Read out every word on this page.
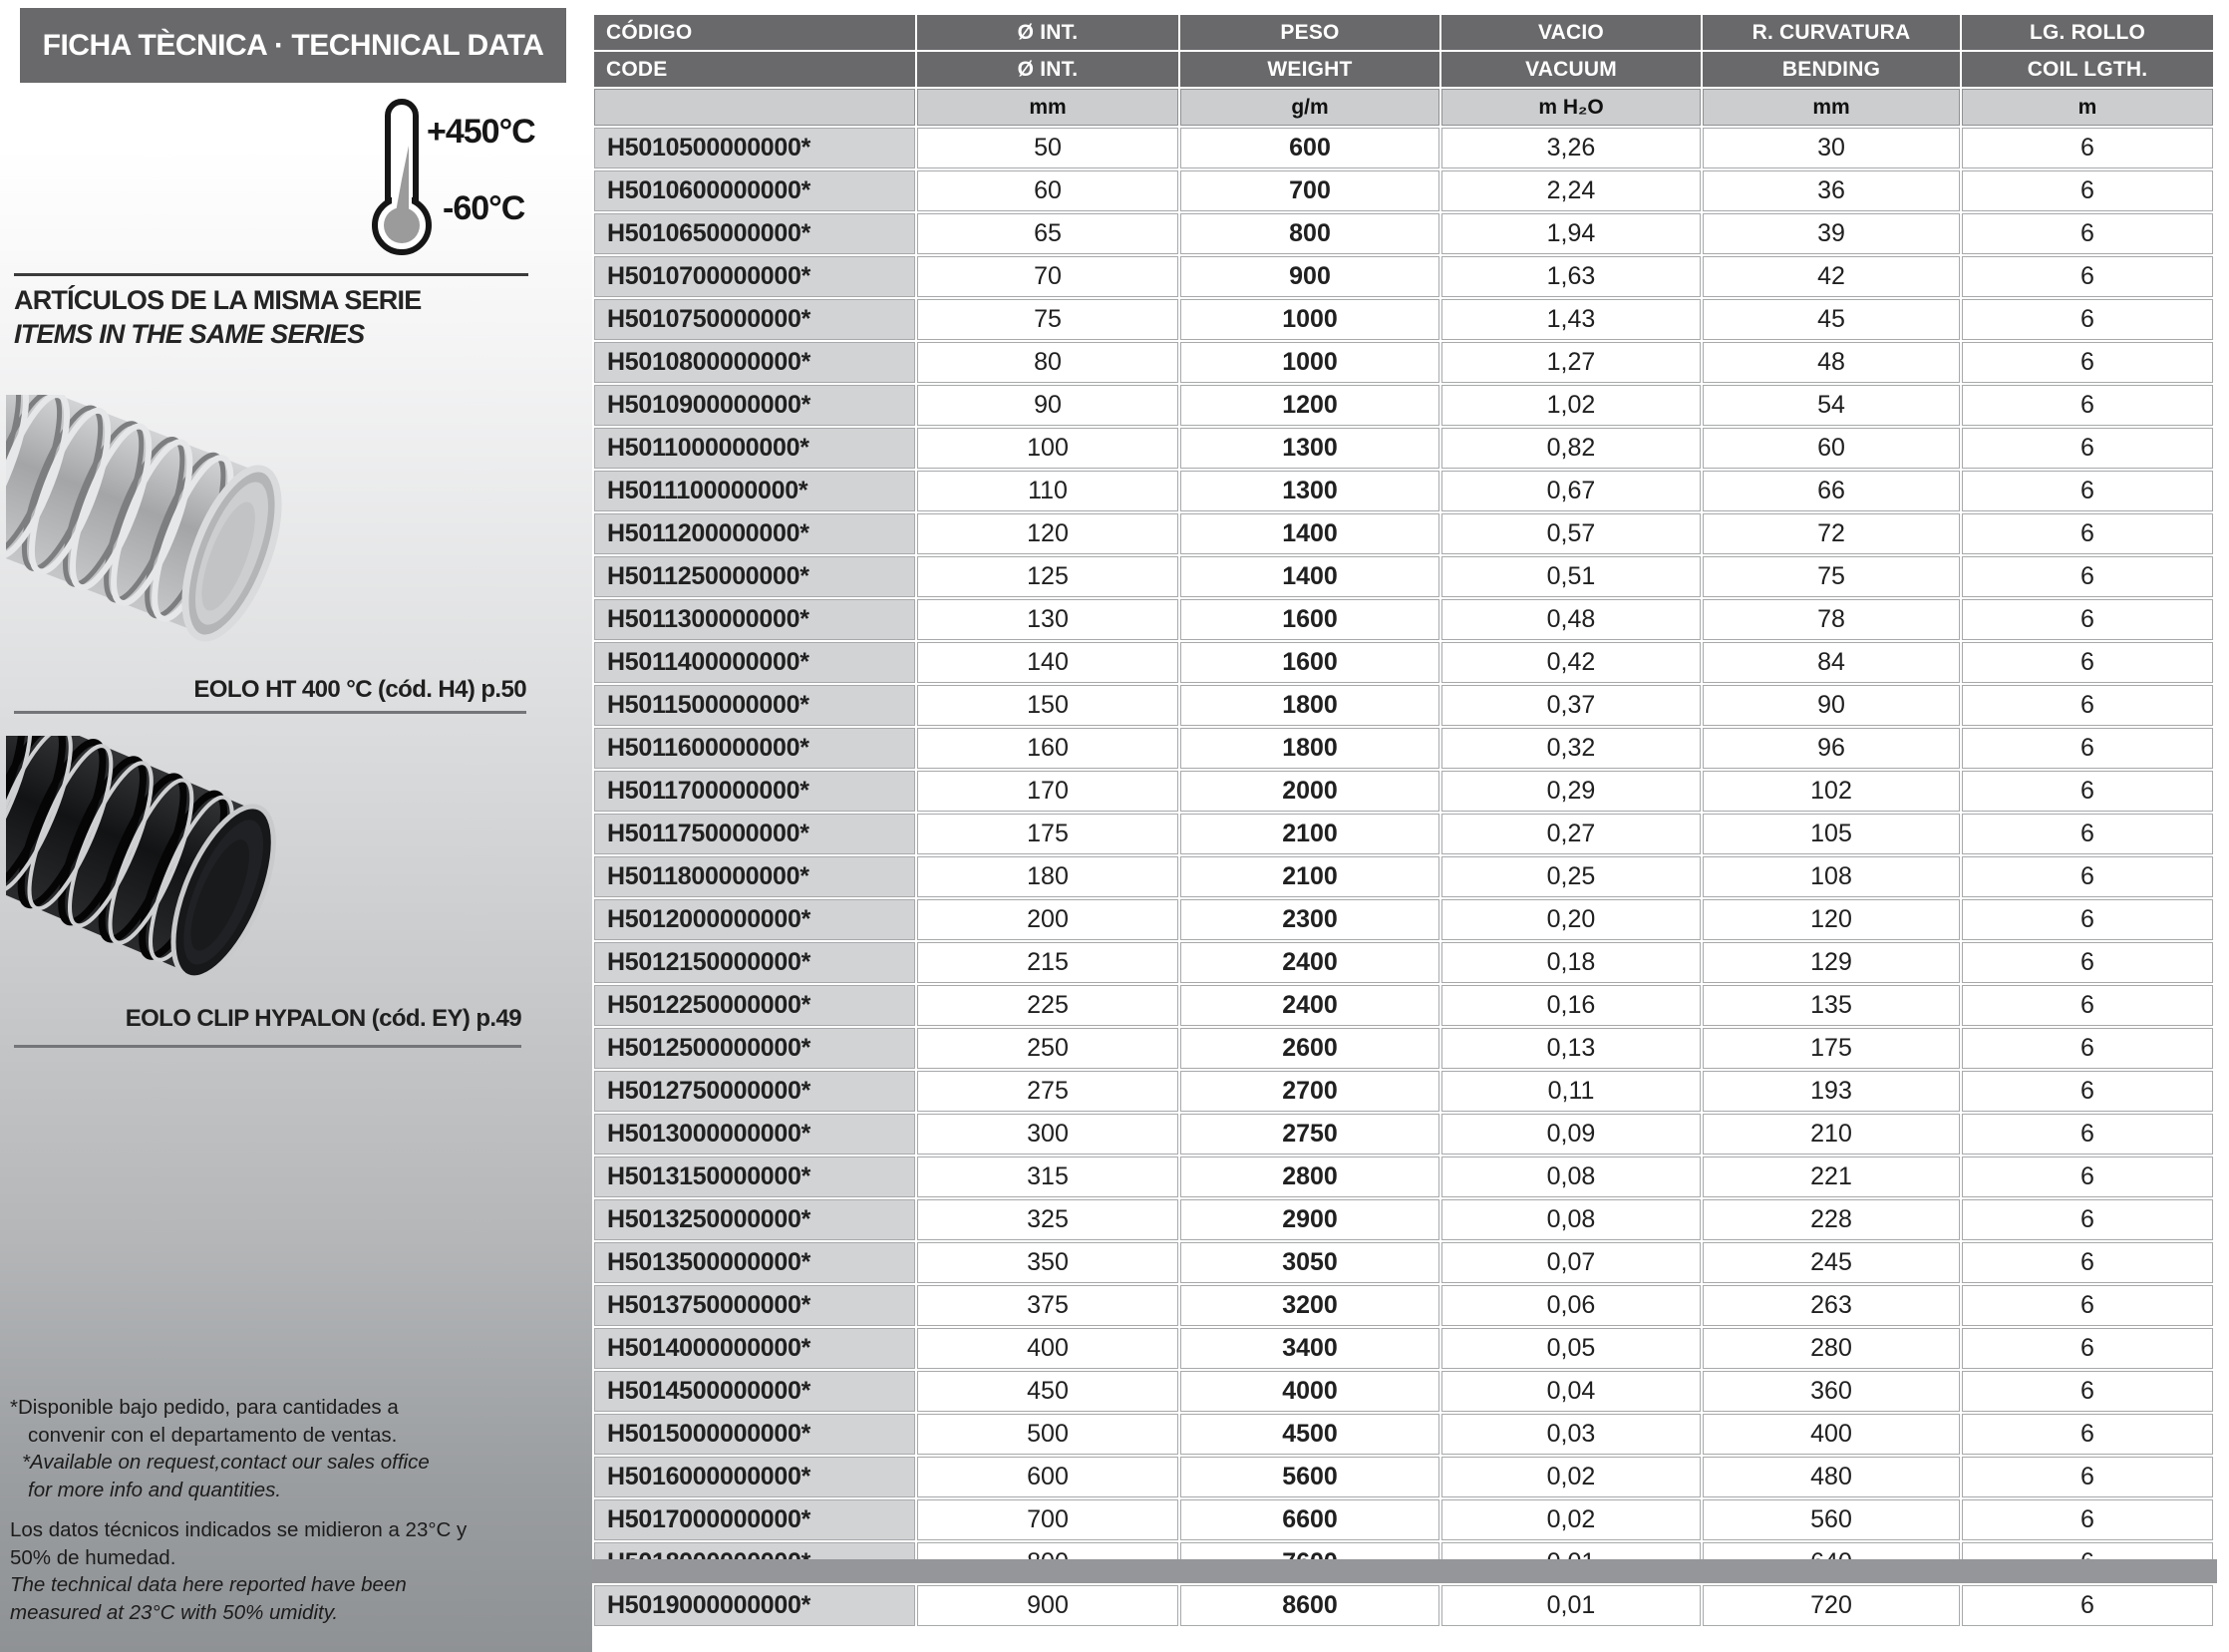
FICHA TÈCNICA · TECHNICAL DATA
+450°C
-60°C
ARTÍCULOS DE LA MISMA SERIE
ITEMS IN THE SAME SERIES
EOLO HT 400 °C (cód. H4) p.50
EOLO CLIP HYPALON (cód. EY) p.49
*Disponible bajo pedido, para cantidades a
convenir con el departamento de ventas.
*Available on request,contact our sales office
for more info and quantities.
Los datos técnicos indicados se midieron a 23°C y
50% de humedad.
The technical data here reported have been
measured at 23°C with 50% umidity.
CÓDIGO	Ø INT.	PESO	VACIO	R. CURVATURA	LG. ROLLO
CODE	Ø INT.	WEIGHT	VACUUM	BENDING	COIL LGTH.
	mm	g/m	m H₂O	mm	m
H5010500000000*	50	600	3,26	30	6
H5010600000000*	60	700	2,24	36	6
H5010650000000*	65	800	1,94	39	6
H5010700000000*	70	900	1,63	42	6
H5010750000000*	75	1000	1,43	45	6
H5010800000000*	80	1000	1,27	48	6
H5010900000000*	90	1200	1,02	54	6
H5011000000000*	100	1300	0,82	60	6
H5011100000000*	110	1300	0,67	66	6
H5011200000000*	120	1400	0,57	72	6
H5011250000000*	125	1400	0,51	75	6
H5011300000000*	130	1600	0,48	78	6
H5011400000000*	140	1600	0,42	84	6
H5011500000000*	150	1800	0,37	90	6
H5011600000000*	160	1800	0,32	96	6
H5011700000000*	170	2000	0,29	102	6
H5011750000000*	175	2100	0,27	105	6
H5011800000000*	180	2100	0,25	108	6
H5012000000000*	200	2300	0,20	120	6
H5012150000000*	215	2400	0,18	129	6
H5012250000000*	225	2400	0,16	135	6
H5012500000000*	250	2600	0,13	175	6
H5012750000000*	275	2700	0,11	193	6
H5013000000000*	300	2750	0,09	210	6
H5013150000000*	315	2800	0,08	221	6
H5013250000000*	325	2900	0,08	228	6
H5013500000000*	350	3050	0,07	245	6
H5013750000000*	375	3200	0,06	263	6
H5014000000000*	400	3400	0,05	280	6
H5014500000000*	450	4000	0,04	360	6
H5015000000000*	500	4500	0,03	400	6
H5016000000000*	600	5600	0,02	480	6
H5017000000000*	700	6600	0,02	560	6

H5019000000000*	900	8600	0,01	720	6
